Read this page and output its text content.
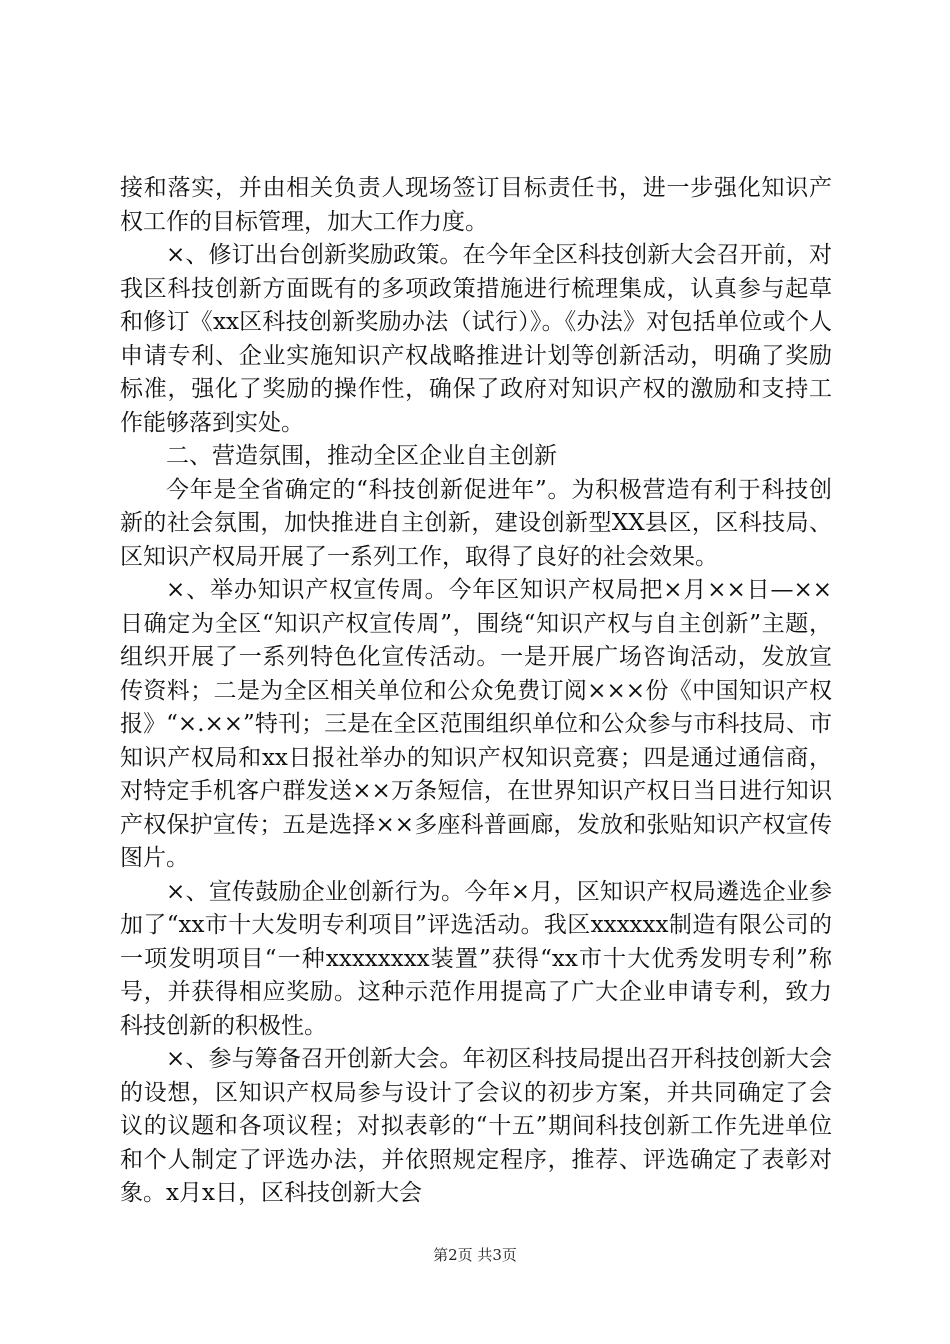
接和落实，并由相关负责人现场签订目标责任书，进一步强化知识产权工作的目标管理，加大工作力度。

×、修订出台创新奖励政策。在今年全区科技创新大会召开前，对我区科技创新方面既有的多项政策措施进行梳理集成，认真参与起草和修订《xx区科技创新奖励办法（试行）》。《办法》对包括单位或个人申请专利、企业实施知识产权战略推进计划等创新活动，明确了奖励标准，强化了奖励的操作性，确保了政府对知识产权的激励和支持工作能够落到实处。

二、营造氛围，推动全区企业自主创新

今年是全省确定的“科技创新促进年”。为积极营造有利于科技创新的社会氛围，加快推进自主创新，建设创新型XX县区，区科技局、区知识产权局开展了一系列工作，取得了良好的社会效果。

×、举办知识产权宣传周。今年区知识产权局把×月××日—××日确定为全区“知识产权宣传周”，围绕“知识产权与自主创新”主题，组织开展了一系列特色化宣传活动。一是开展广场咨询活动，发放宣传资料；二是为全区相关单位和公众免费订阅×××份《中国知识产权报》“×.××”特刊；三是在全区范围组织单位和公众参与市科技局、市知识产权局和xx日报社举办的知识产权知识竞赛；四是通过通信商，对特定手机客户群发送××万条短信，在世界知识产权日当日进行知识产权保护宣传；五是选择××多座科普画廊，发放和张贴知识产权宣传图片。

×、宣传鼓励企业创新行为。今年×月，区知识产权局遴选企业参加了“xx市十大发明专利项目”评选活动。我区xxxxxx制造有限公司的一项发明项目“一种xxxxxxxx装置”获得“xx市十大优秀发明专利”称号，并获得相应奖励。这种示范作用提高了广大企业申请专利，致力科技创新的积极性。

×、参与筹备召开创新大会。年初区科技局提出召开科技创新大会的设想，区知识产权局参与设计了会议的初步方案，并共同确定了会议的议题和各项议程；对拟表彰的“十五”期间科技创新工作先进单位和个人制定了评选办法，并依照规定程序，推荐、评选确定了表彰对象。x月x日，区科技创新大会

第2页 共3页
